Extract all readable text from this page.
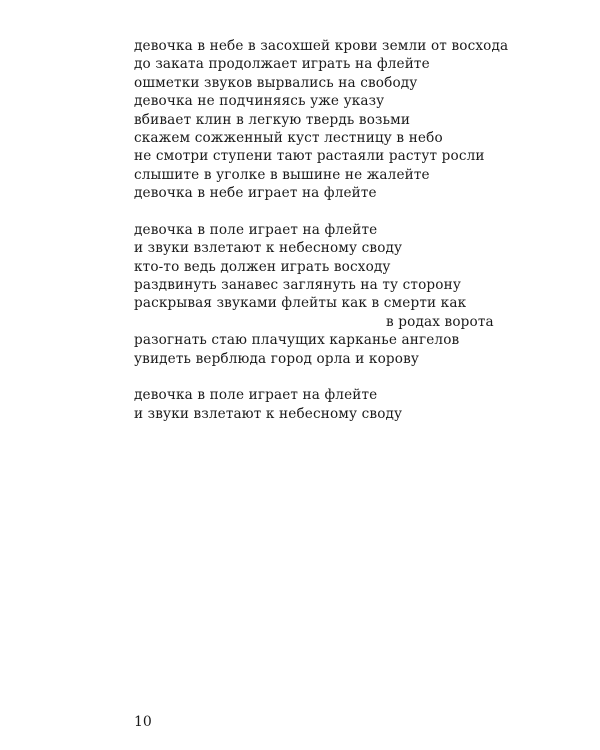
девочка в небе в засохшей крови земли от восхода
до заката продолжает играть на флейте
ошметки звуков вырвались на свободу
девочка не подчиняясь уже указу
вбивает клин в легкую твердь возьми
скажем сожженный куст лестницу в небо
не смотри ступени тают растаяли растут росли
слышите в уголке в вышине не жалейте
девочка в небе играет на флейте
девочка в поле играет на флейте
и звуки взлетают к небесному своду
кто-то ведь должен играть восходу
раздвинуть занавес заглянуть на ту сторону
раскрывая звуками флейты как в смерти как
в родах ворота
разогнать стаю плачущих карканье ангелов
увидеть верблюда город орла и корову
девочка в поле играет на флейте
и звуки взлетают к небесному своду
10
